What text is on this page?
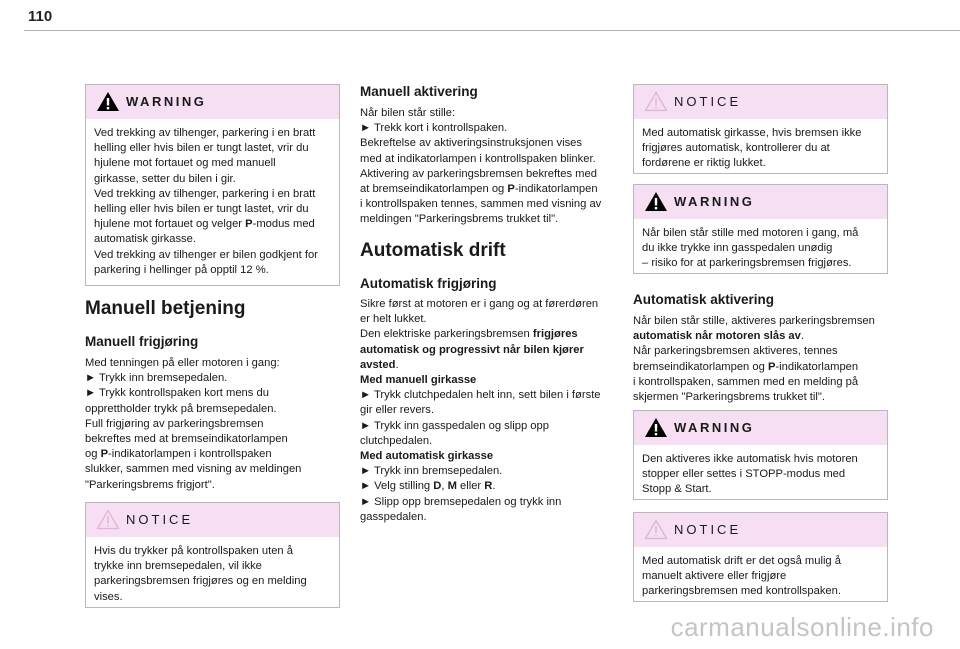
110
WARNING
Ved trekking av tilhenger, parkering i en bratt
helling eller hvis bilen er tungt lastet, vrir du
hjulene mot fortauet og med manuell
girkasse, setter du bilen i gir.
Ved trekking av tilhenger, parkering i en bratt
helling eller hvis bilen er tungt lastet, vrir du
hjulene mot fortauet og velger P-modus med
automatisk girkasse.
Ved trekking av tilhenger er bilen godkjent for
parkering i hellinger på opptil 12 %.
Manuell betjening
Manuell frigjøring
Med tenningen på eller motoren i gang:
► Trykk inn bremsepedalen.
► Trykk kontrollspaken kort mens du
opprettholder trykk på bremsepedalen.
Full frigjøring av parkeringsbremsen
bekreftes med at bremseindikatorlampen
og P-indikatorlampen i kontrollspaken
slukker, sammen med visning av meldingen
"Parkeringsbrems frigjort".
NOTICE
Hvis du trykker på kontrollspaken uten å
trykke inn bremsepedalen, vil ikke
parkeringsbremsen frigjøres og en melding
vises.
Manuell aktivering
Når bilen står stille:
► Trekk kort i kontrollspaken.
Bekreftelse av aktiveringsinstruksjonen vises
med at indikatorlampen i kontrollspaken blinker.
Aktivering av parkeringsbremsen bekreftes med
at bremseindikatorlampen og P-indikatorlampen
i kontrollspaken tennes, sammen med visning av
meldingen "Parkeringsbrems trukket til".
Automatisk drift
Automatisk frigjøring
Sikre først at motoren er i gang og at førerdøren
er helt lukket.
Den elektriske parkeringsbremsen frigjøres
automatisk og progressivt når bilen kjører
avsted.
Med manuell girkasse
► Trykk clutchpedalen helt inn, sett bilen i første
gir eller revers.
► Trykk inn gasspedalen og slipp opp
clutchpedalen.
Med automatisk girkasse
► Trykk inn bremsepedalen.
► Velg stilling D, M eller R.
► Slipp opp bremsepedalen og trykk inn
gasspedalen.
NOTICE
Med automatisk girkasse, hvis bremsen ikke
frigjøres automatisk, kontrollerer du at
fordørene er riktig lukket.
WARNING
Når bilen står stille med motoren i gang, må
du ikke trykke inn gasspedalen unødig
– risiko for at parkeringsbremsen frigjøres.
Automatisk aktivering
Når bilen står stille, aktiveres parkeringsbremsen
automatisk når motoren slås av.
Når parkeringsbremsen aktiveres, tennes
bremseindikatorlampen og P-indikatorlampen
i kontrollspaken, sammen med en melding på
skjermen "Parkeringsbrems trukket til".
WARNING
Den aktiveres ikke automatisk hvis motoren
stopper eller settes i STOPP-modus med
Stopp & Start.
NOTICE
Med automatisk drift er det også mulig å
manuelt aktivere eller frigjøre
parkeringsbremsen med kontrollspaken.
carmanualsonline.info
